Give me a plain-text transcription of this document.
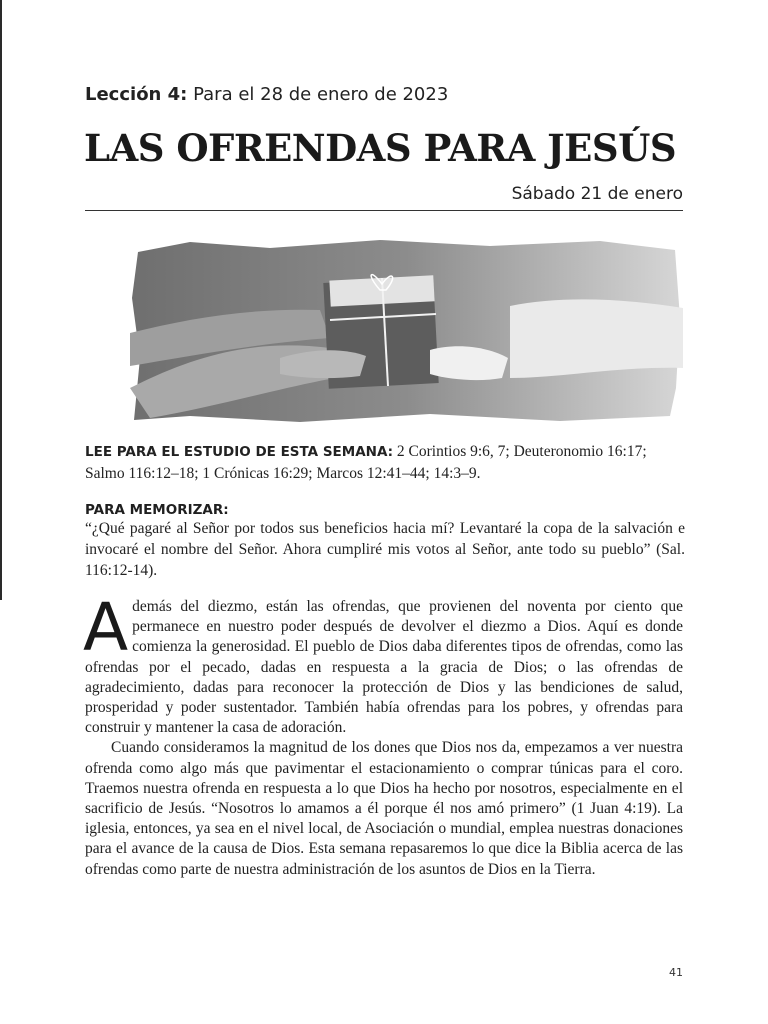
Lección 4: Para el 28 de enero de 2023
LAS OFRENDAS PARA JESÚS
Sábado 21 de enero
LEE PARA EL ESTUDIO DE ESTA SEMANA: 2 Corintios 9:6, 7; Deuteronomio 16:17; Salmo 116:12–18; 1 Crónicas 16:29; Marcos 12:41–44; 14:3–9.
PARA MEMORIZAR:

“¿Qué pagaré al Señor por todos sus beneficios hacia mí? Levantaré la copa de la salvación e invocaré el nombre del Señor. Ahora cumpliré mis votos al Señor, ante todo su pueblo” (Sal. 116:12-14).

Además del diezmo, están las ofrendas, que provienen del noventa por ciento que permanece en nuestro poder después de devolver el diezmo a Dios. Aquí es donde comienza la generosidad. El pueblo de Dios daba diferentes tipos de ofrendas, como las ofrendas por el pecado, dadas en respuesta a la gracia de Dios; o las ofrendas de agradecimiento, dadas para reconocer la protección de Dios y las bendiciones de salud, prosperidad y poder sustentador. También había ofrendas para los pobres, y ofrendas para construir y mantener la casa de adoración.

Cuando consideramos la magnitud de los dones que Dios nos da, empezamos a ver nuestra ofrenda como algo más que pavimentar el estacionamiento o comprar túnicas para el coro. Traemos nuestra ofrenda en respuesta a lo que Dios ha hecho por nosotros, especialmente en el sacrificio de Jesús. “Nosotros lo amamos a él porque él nos amó primero” (1 Juan 4:19). La iglesia, entonces, ya sea en el nivel local, de Asociación o mundial, emplea nuestras donaciones para el avance de la causa de Dios. Esta semana repasaremos lo que dice la Biblia acerca de las ofrendas como parte de nuestra administración de los asuntos de Dios en la Tierra.

41
